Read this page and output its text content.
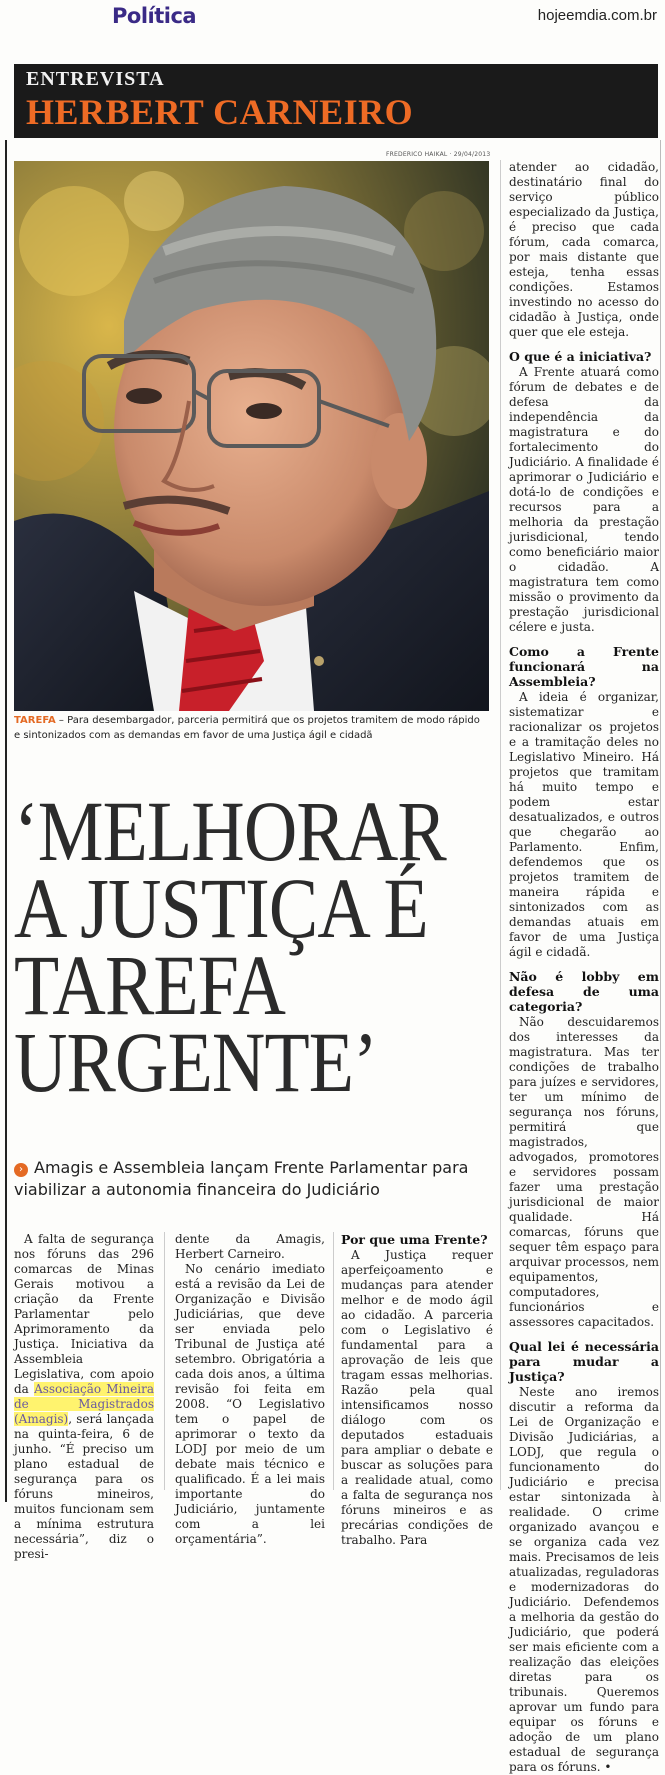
Política	hojeemdia.com.br
ENTREVISTA
HERBERT CARNEIRO
FREDERICO HAIKAL · 29/04/2013
TAREFA – Para desembargador, parceria permitirá que os projetos tramitem de modo rápido e sintonizados com as demandas em favor de uma Justiça ágil e cidadã
‘MELHORAR
A JUSTIÇA É
TAREFA
URGENTE’
› Amagis e Assembleia lançam Frente Parlamentar para viabilizar a autonomia financeira do Judiciário

A falta de segurança nos fóruns das 296 comarcas de Minas Gerais motivou a criação da Frente Parlamentar pelo Aprimoramento da Justiça. Iniciativa da Assembleia Legislativa, com apoio da Associação Mineira de Magistrados (Amagis), será lançada na quinta-feira, 6 de junho. “É preciso um plano estadual de segurança para os fóruns mineiros, muitos funcionam sem a mínima estrutura necessária”, diz o presi-

dente da Amagis, Herbert Carneiro.

No cenário imediato está a revisão da Lei de Organização e Divisão Judiciárias, que deve ser enviada pelo Tribunal de Justiça até setembro. Obrigatória a cada dois anos, a última revisão foi feita em 2008. “O Legislativo tem o papel de aprimorar o texto da LODJ por meio de um debate mais técnico e qualificado. É a lei mais importante do Judiciário, juntamente com a lei orçamentária”.

Por que uma Frente?

A Justiça requer aperfeiçoamento e mudanças para atender melhor e de modo ágil ao cidadão. A parceria com o Legislativo é fundamental para a aprovação de leis que tragam essas melhorias. Razão pela qual intensificamos nosso diálogo com os deputados estaduais para ampliar o debate e buscar as soluções para a realidade atual, como a falta de segurança nos fóruns mineiros e as precárias condições de trabalho. Para

atender ao cidadão, destinatário final do serviço público especializado da Justiça, é preciso que cada fórum, cada comarca, por mais distante que esteja, tenha essas condições. Estamos investindo no acesso do cidadão à Justiça, onde quer que ele esteja.

O que é a iniciativa?

A Frente atuará como fórum de debates e de defesa da independência da magistratura e do fortalecimento do Judiciário. A finalidade é aprimorar o Judiciário e dotá-lo de condições e recursos para a melhoria da prestação jurisdicional, tendo como beneficiário maior o cidadão. A magistratura tem como missão o provimento da prestação jurisdicional célere e justa.

Como a Frente funcionará na Assembleia?

A ideia é organizar, sistematizar e racionalizar os projetos e a tramitação deles no Legislativo Mineiro. Há projetos que tramitam há muito tempo e podem estar desatualizados, e outros que chegarão ao Parlamento. Enfim, defendemos que os projetos tramitem de maneira rápida e sintonizados com as demandas atuais em favor de uma Justiça ágil e cidadã.

Não é lobby em defesa de uma categoria?

Não descuidaremos dos interesses da magistratura. Mas ter condições de trabalho para juízes e servidores, ter um mínimo de segurança nos fóruns, permitirá que magistrados, advogados, promotores e servidores possam fazer uma prestação jurisdicional de maior qualidade. Há comarcas, fóruns que sequer têm espaço para arquivar processos, nem equipamentos, computadores, funcionários e assessores capacitados.

Qual lei é necessária para mudar a Justiça?

Neste ano iremos discutir a reforma da Lei de Organização e Divisão Judiciárias, a LODJ, que regula o funcionamento do Judiciário e precisa estar sintonizada à realidade. O crime organizado avançou e se organiza cada vez mais. Precisamos de leis atualizadas, reguladoras e modernizadoras do Judiciário. Defendemos a melhoria da gestão do Judiciário, que poderá ser mais eficiente com a realização das eleições diretas para os tribunais. Queremos aprovar um fundo para equipar os fóruns e adoção de um plano estadual de segurança para os fóruns. •
